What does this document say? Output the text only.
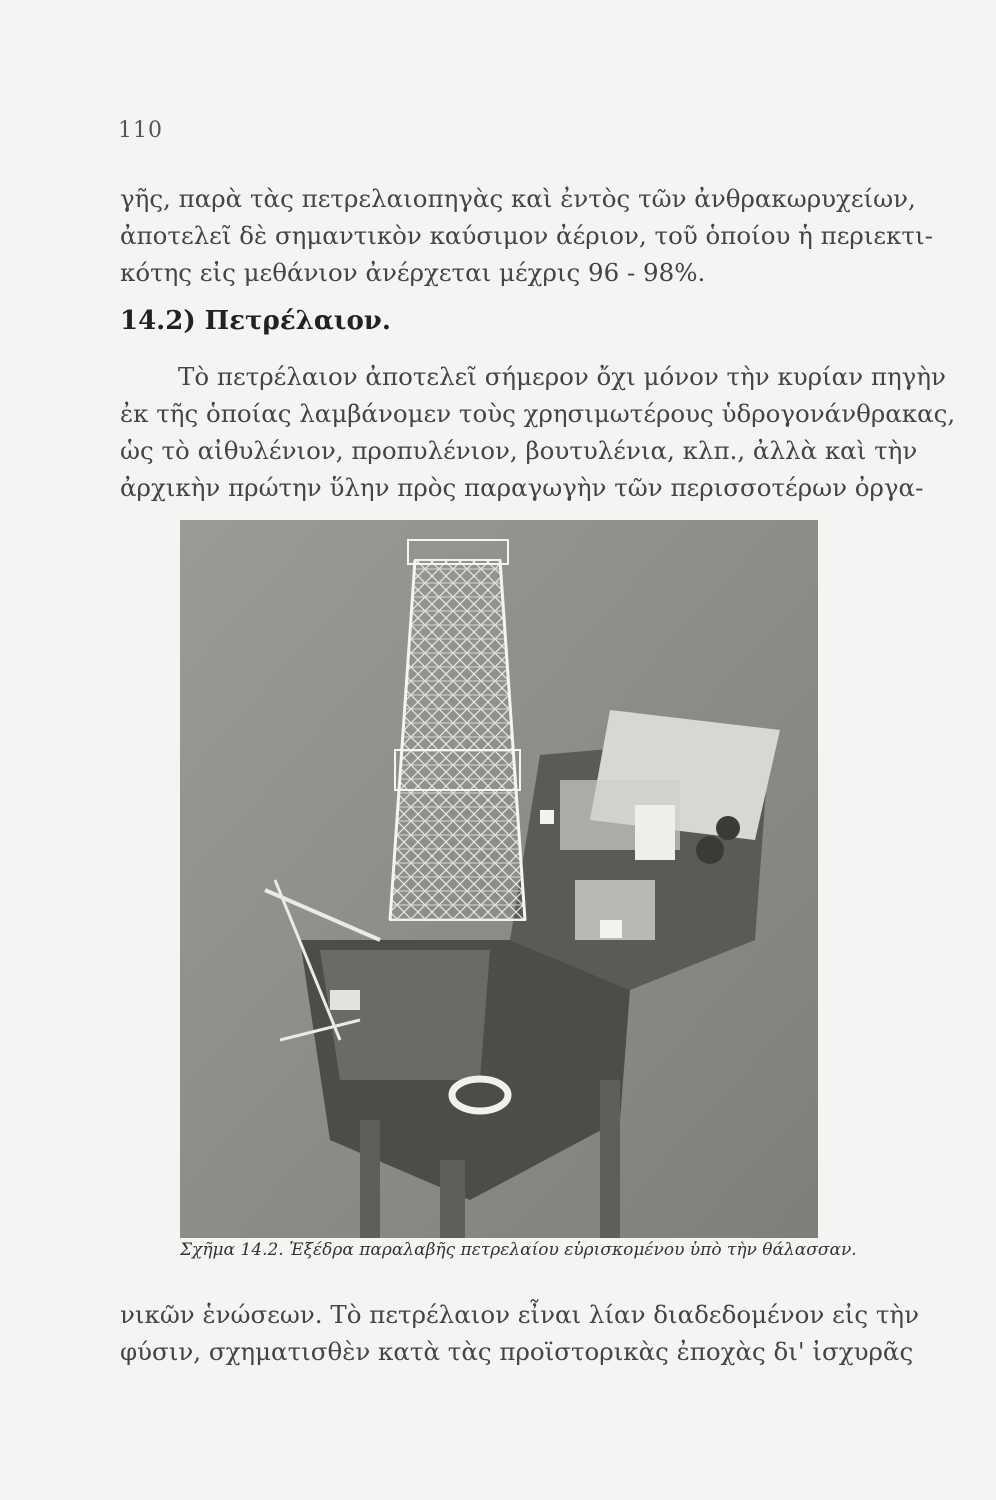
110
γῆς, παρὰ τὰς πετρελαιοπηγὰς καὶ ἐντὸς τῶν ἀνθρακωρυχείων,
ἀποτελεῖ δὲ σημαντικὸν καύσιμον ἀέριον, τοῦ ὁποίου ἡ περιεκτι-
κότης εἰς μεθάνιον ἀνέρχεται μέχρις 96 - 98%.
14.2) Πετρέλαιον.
Τὸ πετρέλαιον ἀποτελεῖ σήμερον ὄχι μόνον τὴν κυρίαν πηγὴν
ἐκ τῆς ὁποίας λαμβάνομεν τοὺς χρησιμωτέρους ὑδρογονάνθρακας,
ὡς τὸ αἰθυλένιον, προπυλένιον, βουτυλένια, κλπ., ἀλλὰ καὶ τὴν
ἀρχικὴν πρώτην ὕλην πρὸς παραγωγὴν τῶν περισσοτέρων ὀργα-
Σχῆμα 14.2. Ἐξέδρα παραλαβῆς πετρελαίου εὑρισκομένου ὑπὸ τὴν θάλασσαν.
νικῶν ἑνώσεων. Τὸ πετρέλαιον εἶναι λίαν διαδεδομένον εἰς τὴν
φύσιν, σχηματισθὲν κατὰ τὰς προϊστορικὰς ἐποχὰς δι' ἰσχυρᾶς
